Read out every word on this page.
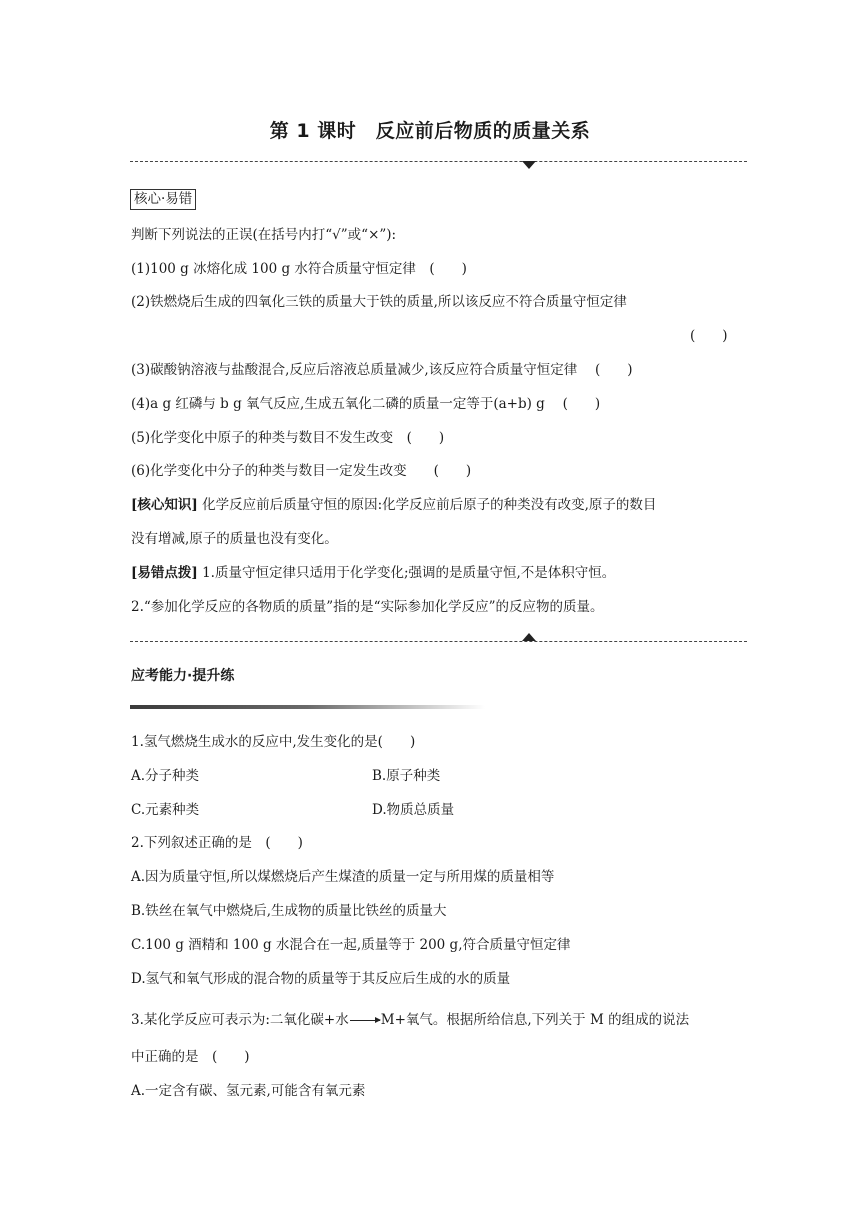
第 1 课时　反应前后物质的质量关系
核心·易错
判断下列说法的正误(在括号内打“√”或“×”):
(1)100 g 冰熔化成 100 g 水符合质量守恒定律　(　　)
(2)铁燃烧后生成的四氧化三铁的质量大于铁的质量,所以该反应不符合质量守恒定律
(　　)
(3)碳酸钠溶液与盐酸混合,反应后溶液总质量减少,该反应符合质量守恒定律　 (　　)
(4)a g 红磷与 b g 氧气反应,生成五氧化二磷的质量一定等于(a+b) g　 (　　)
(5)化学变化中原子的种类与数目不发生改变　(　　)
(6)化学变化中分子的种类与数目一定发生改变　　(　　)
[核心知识] 化学反应前后质量守恒的原因:化学反应前后原子的种类没有改变,原子的数目
没有增减,原子的质量也没有变化。
[易错点拨] 1.质量守恒定律只适用于化学变化;强调的是质量守恒,不是体积守恒。
2.“参加化学反应的各物质的质量”指的是“实际参加化学反应”的反应物的质量。
应考能力·提升练
1.氢气燃烧生成水的反应中,发生变化的是(　　)
A.分子种类	B.原子种类
C.元素种类	D.物质总质量
2.下列叙述正确的是　(　　)
A.因为质量守恒,所以煤燃烧后产生煤渣的质量一定与所用煤的质量相等
B.铁丝在氧气中燃烧后,生成物的质量比铁丝的质量大
C.100 g 酒精和 100 g 水混合在一起,质量等于 200 g,符合质量守恒定律
D.氢气和氧气形成的混合物的质量等于其反应后生成的水的质量
3.某化学反应可表示为:二氧化碳+水→M+氧气。根据所给信息,下列关于 M 的组成的说法
中正确的是　(　　)
A.一定含有碳、氢元素,可能含有氧元素
